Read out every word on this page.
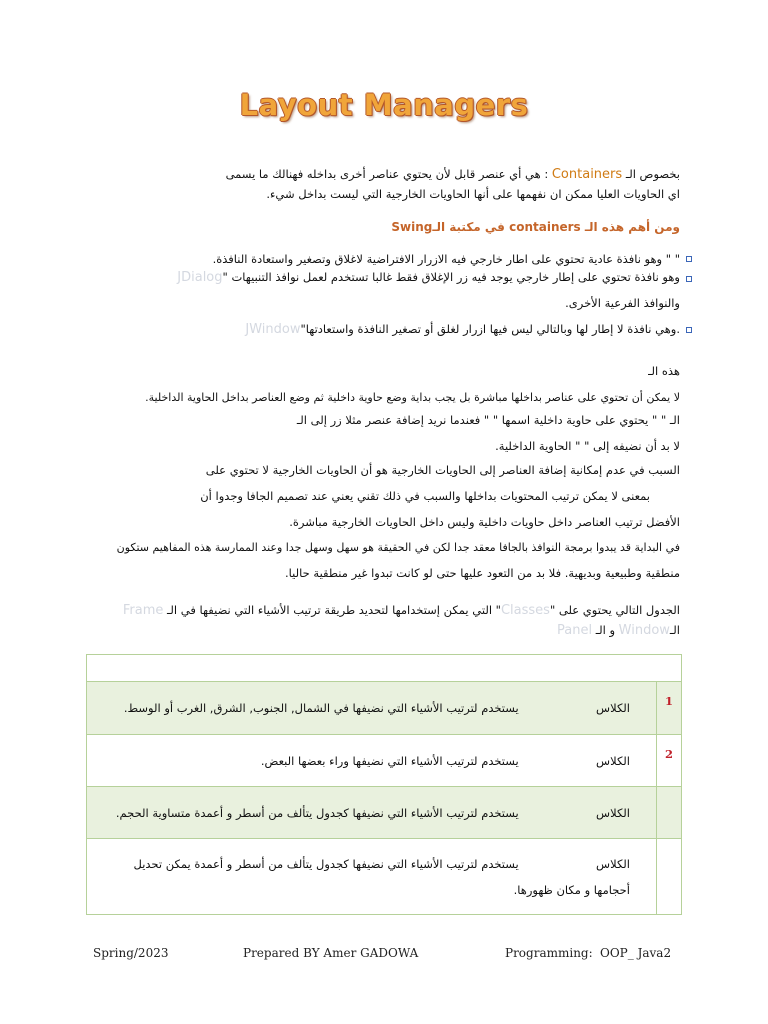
Layout Managers
بخصوص الـ Containers : هي أي عنصر قابل لأن يحتوي عناصر أخرى بداخله فهنالك ما يسمى
اي الحاويات العليا ممكن ان نفهمها على أنها الحاويات الخارجية التي ليست بداخل شيء.
ومن أهم هذه الـ containers في مكتبة الـSwing
" " وهو نافذة عادية تحتوي على اطار خارجي فيه الازرار الافتراضية لاغلاق وتصغير واستعادة النافذة.
JDialog" وهو نافذة تحتوي على إطار خارجي يوجد فيه زر الإغلاق فقط غالبا تستخدم لعمل نوافذ التنبيهات
والنوافذ الفرعية الأخرى.
JWindow"وهي نافذة لا إطار لها وبالتالي ليس فيها ازرار لغلق أو تصغير النافذة واستعادتها.
هذه الـ
لا يمكن أن تحتوي على عناصر بداخلها مباشرة بل يجب بداية وضع حاوية داخلية ثم وضع العناصر بداخل الحاوية الداخلية.
الـ " " يحتوي على حاوية داخلية اسمها " " فعندما نريد إضافة عنصر مثلا زر إلى الـ
لا بد أن نضيفه إلى " " الحاوية الداخلية.
السبب في عدم إمكانية إضافة العناصر إلى الحاويات الخارجية هو أن الحاويات الخارجية لا تحتوي على
بمعنى لا يمكن ترتيب المحتويات بداخلها والسبب في ذلك تقني يعني عند تصميم الجافا وجدوا أن
الأفضل ترتيب العناصر داخل حاويات داخلية وليس داخل الحاويات الخارجية مباشرة.
في البداية قد يبدوا برمجة النوافذ بالجافا معقد جدا لكن في الحقيقة هو سهل وسهل جدا وعند الممارسة هذه المفاهيم ستكون
منطقية وطبيعية وبديهية. فلا بد من التعود عليها حتى لو كانت تبدوا غير منطقية حاليا.
الجدول التالي يحتوي على "Classes" التي يمكن إستخدامها لتحديد طريقة ترتيب الأشياء التي نضيفها في الـ Frame
الـWindow و الـ Panel

الكلاس  يستخدم لترتيب الأشياء التي نضيفها في الشمال, الجنوب, الشرق, الغرب أو الوسط.	1
الكلاس  يستخدم لترتيب الأشياء التي نضيفها وراء بعضها البعض.	2
الكلاس  يستخدم لترتيب الأشياء التي نضيفها كجدول يتألف من أسطر و أعمدة متساوية الحجم.	

الكلاس  يستخدم لترتيب الأشياء التي نضيفها كجدول يتألف من أسطر و أعمدة يمكن تحديل
أحجامها و مكان ظهورها.	

Spring/2023	Prepared BY Amer GADOWA	Programming: OOP_ Java2
